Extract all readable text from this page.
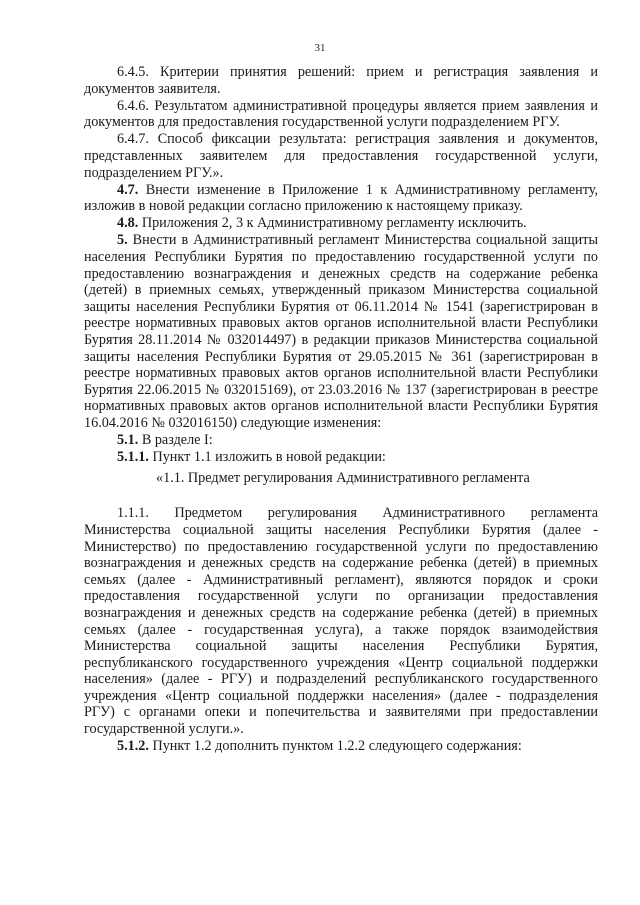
31

6.4.5. Критерии принятия решений: прием и регистрация заявления и документов заявителя.

6.4.6. Результатом административной процедуры является прием заявления и документов для предоставления государственной услуги подразделением РГУ.

6.4.7. Способ фиксации результата: регистрация заявления и документов, представленных заявителем для предоставления государственной услуги, подразделением РГУ.».

4.7. Внести изменение в Приложение 1 к Административному регламенту, изложив в новой редакции согласно приложению к настоящему приказу.

4.8. Приложения 2, 3 к Административному регламенту исключить.

5. Внести в Административный регламент Министерства социальной защиты населения Республики Бурятия по предоставлению государственной услуги по предоставлению вознаграждения и денежных средств на содержание ребенка (детей) в приемных семьях, утвержденный приказом Министерства социальной защиты населения Республики Бурятия от 06.11.2014 № 1541 (зарегистрирован в реестре нормативных правовых актов органов исполнительной власти Республики Бурятия 28.11.2014 № 032014497) в редакции приказов Министерства социальной защиты населения Республики Бурятия от 29.05.2015 № 361 (зарегистрирован в реестре нормативных правовых актов органов исполнительной власти Республики Бурятия 22.06.2015 № 032015169), от 23.03.2016 № 137 (зарегистрирован в реестре нормативных правовых актов органов исполнительной власти Республики Бурятия 16.04.2016 № 032016150) следующие изменения:

5.1. В разделе I:

5.1.1. Пункт 1.1 изложить в новой редакции:

«1.1. Предмет регулирования Административного регламента

1.1.1. Предметом регулирования Административного регламента Министерства социальной защиты населения Республики Бурятия (далее - Министерство) по предоставлению государственной услуги по предоставлению вознаграждения и денежных средств на содержание ребенка (детей) в приемных семьях (далее - Административный регламент), являются порядок и сроки предоставления государственной услуги по организации предоставления вознаграждения и денежных средств на содержание ребенка (детей) в приемных семьях (далее - государственная услуга), а также порядок взаимодействия Министерства социальной защиты населения Республики Бурятия, республиканского государственного учреждения «Центр социальной поддержки населения» (далее - РГУ) и подразделений республиканского государственного учреждения «Центр социальной поддержки населения» (далее - подразделения РГУ) с органами опеки и попечительства и заявителями при предоставлении государственной услуги.».

5.1.2. Пункт 1.2 дополнить пунктом 1.2.2 следующего содержания:
